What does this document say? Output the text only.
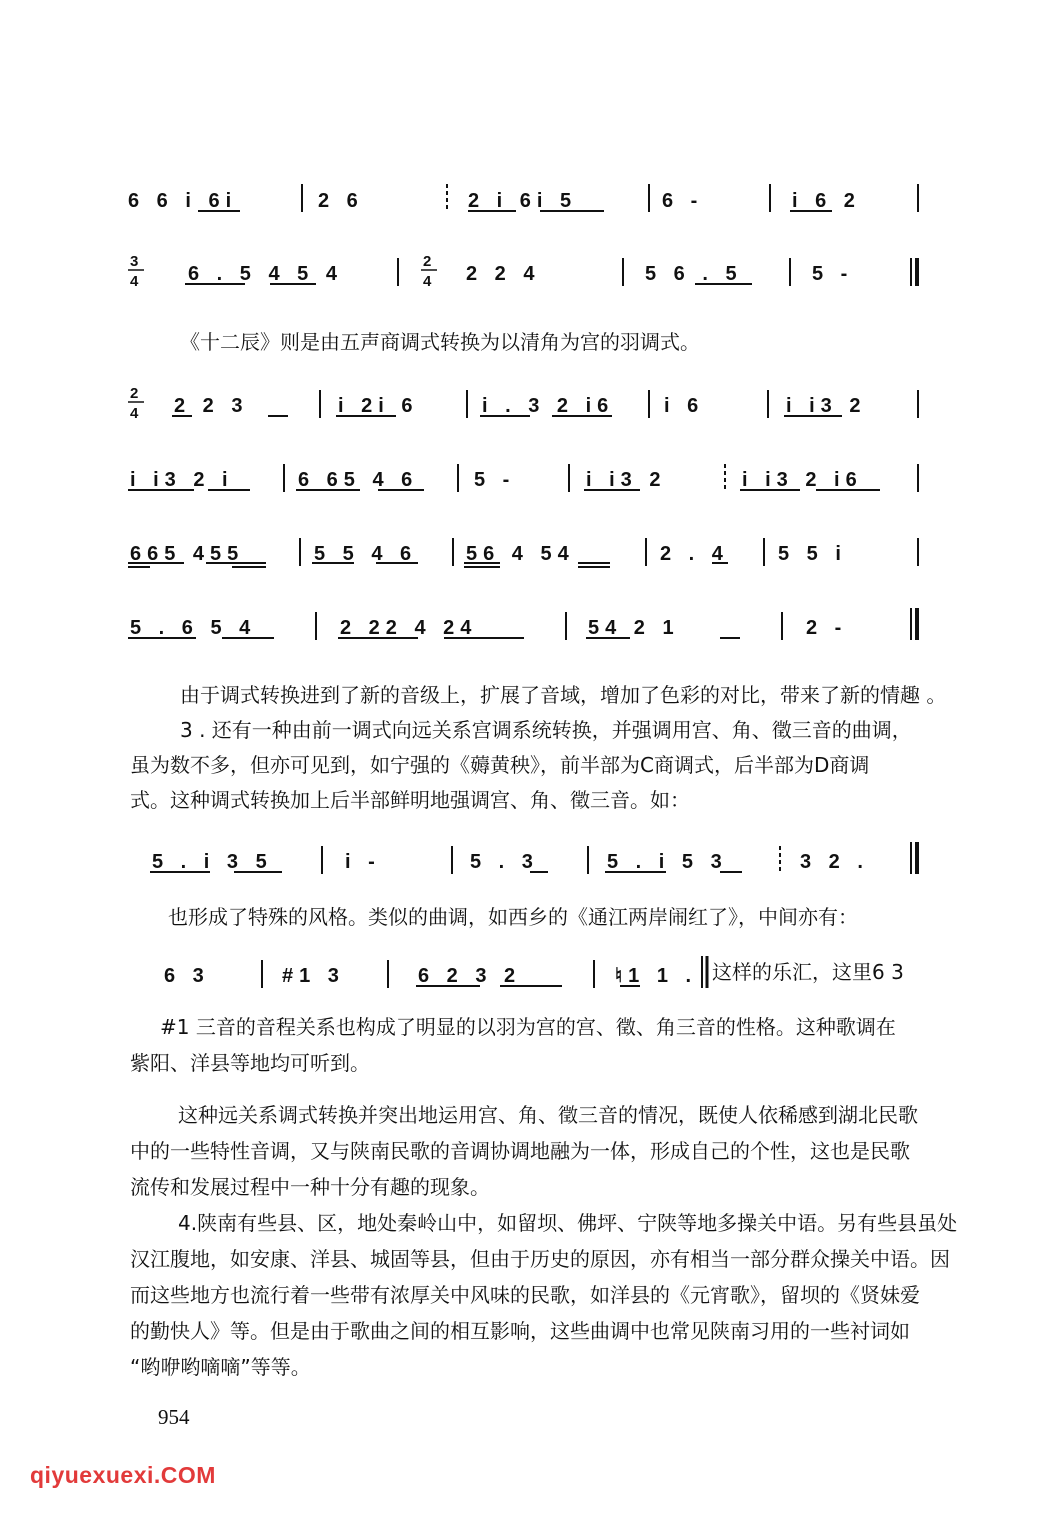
6 6 i 6i	2 6	2 i 6i 5	6 -	i 6 2
3
4 6 . 5 4 5 4
2
4 2 2 4	5 6 . 5	5 -
2
4 2 2 3	i 2i 6	i . 3 2 i6 i 6	i i3 2
i i3 2 i	6 65 4 6	5 -	i i3 2	i i3 2 i6
665 455	5 5 4 6 56 4 54	2 . 4 5 5 i
5 . 6 5 4	2 22 4 24	54 2 1	2 -
5 . i 3 5	i -	5 . 3	5 . i 5 3	3 2 .
6 3	#1 3	6 2 3 2	♮1 1 .
《十二辰》则是由五声商调式转换为以清角为宫的羽调式。
由于调式转换进到了新的音级上，扩展了音域，增加了色彩的对比，带来了新的情趣 。
3 . 还有一种由前一调式向远关系宫调系统转换，并强调用宫、角、徵三音的曲调，
虽为数不多，但亦可见到，如宁强的《薅黄秧》，前半部为C商调式，后半部为D商调
式。这种调式转换加上后半部鲜明地强调宫、角、徵三音。如：
也形成了特殊的风格。类似的曲调，如西乡的《通江两岸闹红了》，中间亦有：
这样的乐汇，这里6 3
#1 三音的音程关系也构成了明显的以羽为宫的宫、徵、角三音的性格。这种歌调在
紫阳、洋县等地均可听到。
这种远关系调式转换并突出地运用宫、角、徵三音的情况，既使人依稀感到湖北民歌
中的一些特性音调，又与陕南民歌的音调协调地融为一体，形成自己的个性，这也是民歌
流传和发展过程中一种十分有趣的现象。
4.陕南有些县、区，地处秦岭山中，如留坝、佛坪、宁陕等地多操关中语。另有些县虽处
汉江腹地，如安康、洋县、城固等县，但由于历史的原因，亦有相当一部分群众操关中语。因
而这些地方也流行着一些带有浓厚关中风味的民歌，如洋县的《元宵歌》，留坝的《贤妹爱
的勤快人》等。但是由于歌曲之间的相互影响，这些曲调中也常见陕南习用的一些衬词如
“哟咿哟嘀嘀”等等。
954
qiyuexuexi.COM
